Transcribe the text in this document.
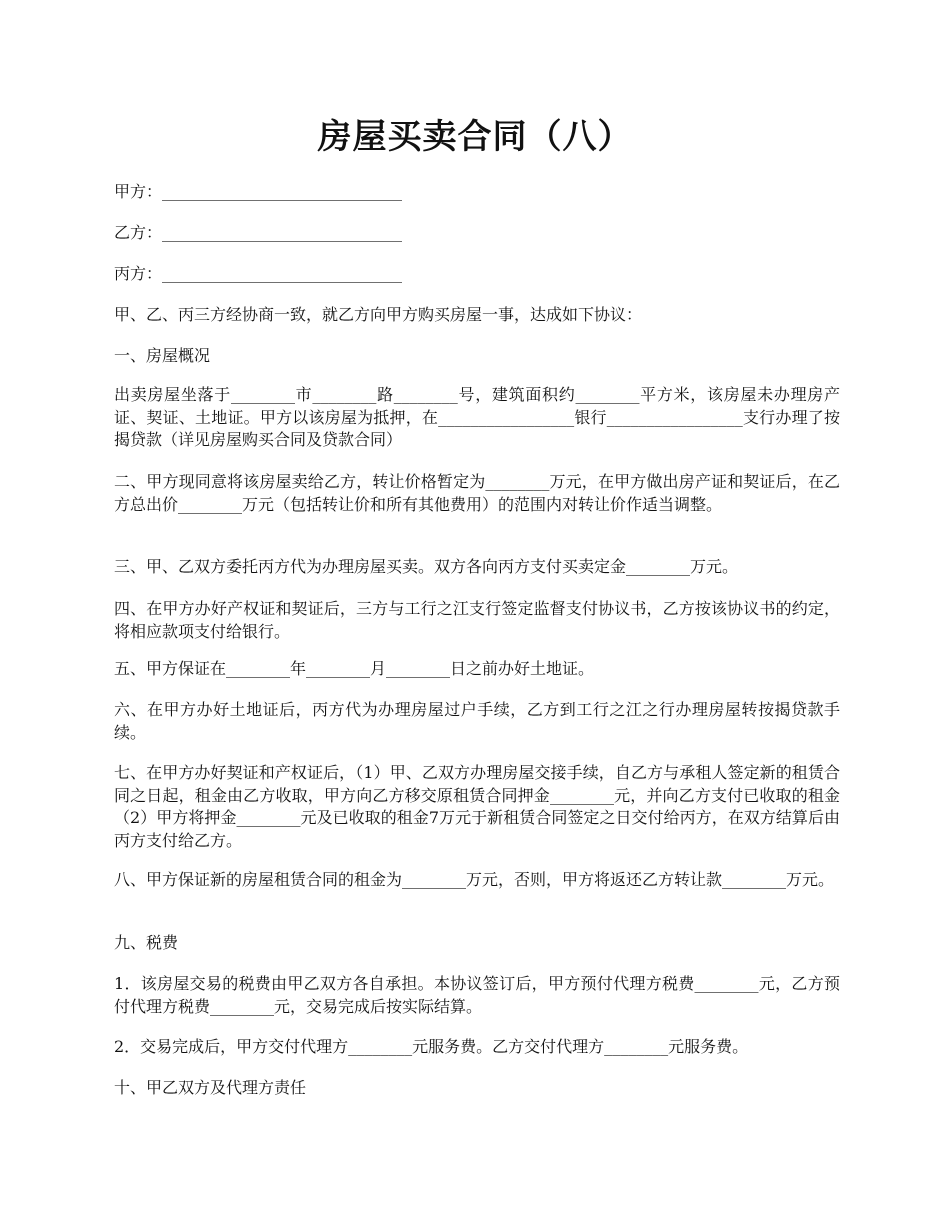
房屋买卖合同（八）
甲方：______________________________
乙方：______________________________
丙方：______________________________
甲、乙、丙三方经协商一致，就乙方向甲方购买房屋一事，达成如下协议：
一、房屋概况
出卖房屋坐落于________市________路________号，建筑面积约________平方米，该房屋未办理房产证、契证、土地证。甲方以该房屋为抵押，在_________________银行_________________支行办理了按揭贷款（详见房屋购买合同及贷款合同）
二、甲方现同意将该房屋卖给乙方，转让价格暂定为________万元，在甲方做出房产证和契证后，在乙方总出价________万元（包括转让价和所有其他费用）的范围内对转让价作适当调整。
三、甲、乙双方委托丙方代为办理房屋买卖。双方各向丙方支付买卖定金________万元。
四、在甲方办好产权证和契证后，三方与工行之江支行签定监督支付协议书，乙方按该协议书的约定，将相应款项支付给银行。
五、甲方保证在________年________月________日之前办好土地证。
六、在甲方办好土地证后，丙方代为办理房屋过户手续，乙方到工行之江之行办理房屋转按揭贷款手续。
七、在甲方办好契证和产权证后，（1）甲、乙双方办理房屋交接手续，自乙方与承租人签定新的租赁合同之日起，租金由乙方收取，甲方向乙方移交原租赁合同押金________元，并向乙方支付已收取的租金（2）甲方将押金________元及已收取的租金7万元于新租赁合同签定之日交付给丙方，在双方结算后由丙方支付给乙方。
八、甲方保证新的房屋租赁合同的租金为________万元，否则，甲方将返还乙方转让款________万元。
九、税费
1．该房屋交易的税费由甲乙双方各自承担。本协议签订后，甲方预付代理方税费________元，乙方预付代理方税费________元，交易完成后按实际结算。
2．交易完成后，甲方交付代理方________元服务费。乙方交付代理方________元服务费。
十、甲乙双方及代理方责任
